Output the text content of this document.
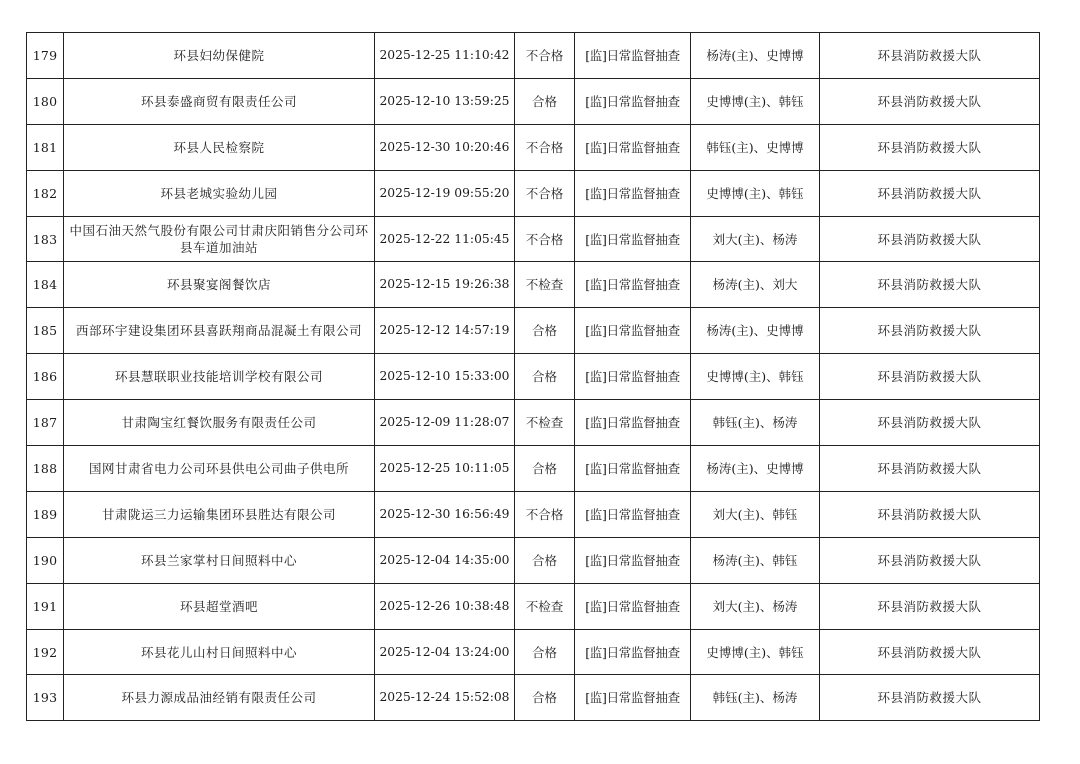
179	环县妇幼保健院	2025-12-25 11:10:42	不合格	[监]日常监督抽查	杨涛(主)、史博博	环县消防救援大队
180	环县泰盛商贸有限责任公司	2025-12-10 13:59:25	合格	[监]日常监督抽查	史博博(主)、韩钰	环县消防救援大队
181	环县人民检察院	2025-12-30 10:20:46	不合格	[监]日常监督抽查	韩钰(主)、史博博	环县消防救援大队
182	环县老城实验幼儿园	2025-12-19 09:55:20	不合格	[监]日常监督抽查	史博博(主)、韩钰	环县消防救援大队
183	中国石油天然气股份有限公司甘肃庆阳销售分公司环县车道加油站	2025-12-22 11:05:45	不合格	[监]日常监督抽查	刘大(主)、杨涛	环县消防救援大队
184	环县聚宴阁餐饮店	2025-12-15 19:26:38	不检查	[监]日常监督抽查	杨涛(主)、刘大	环县消防救援大队
185	西部环宇建设集团环县喜跃翔商品混凝土有限公司	2025-12-12 14:57:19	合格	[监]日常监督抽查	杨涛(主)、史博博	环县消防救援大队
186	环县慧联职业技能培训学校有限公司	2025-12-10 15:33:00	合格	[监]日常监督抽查	史博博(主)、韩钰	环县消防救援大队
187	甘肃陶宝红餐饮服务有限责任公司	2025-12-09 11:28:07	不检查	[监]日常监督抽查	韩钰(主)、杨涛	环县消防救援大队
188	国网甘肃省电力公司环县供电公司曲子供电所	2025-12-25 10:11:05	合格	[监]日常监督抽查	杨涛(主)、史博博	环县消防救援大队
189	甘肃陇运三力运输集团环县胜达有限公司	2025-12-30 16:56:49	不合格	[监]日常监督抽查	刘大(主)、韩钰	环县消防救援大队
190	环县兰家掌村日间照料中心	2025-12-04 14:35:00	合格	[监]日常监督抽查	杨涛(主)、韩钰	环县消防救援大队
191	环县超堂酒吧	2025-12-26 10:38:48	不检查	[监]日常监督抽查	刘大(主)、杨涛	环县消防救援大队
192	环县花儿山村日间照料中心	2025-12-04 13:24:00	合格	[监]日常监督抽查	史博博(主)、韩钰	环县消防救援大队
193	环县力源成品油经销有限责任公司	2025-12-24 15:52:08	合格	[监]日常监督抽查	韩钰(主)、杨涛	环县消防救援大队
